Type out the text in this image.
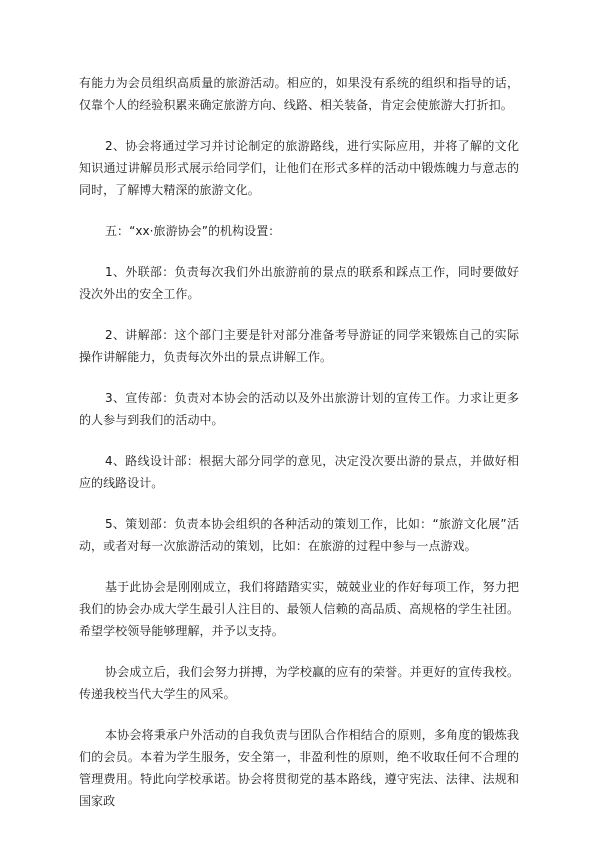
有能力为会员组织高质量的旅游活动。相应的，如果没有系统的组织和指导的话，仅靠个人的经验积累来确定旅游方向、线路、相关装备，肯定会使旅游大打折扣。

2、协会将通过学习并讨论制定的旅游路线，进行实际应用，并将了解的文化知识通过讲解员形式展示给同学们，让他们在形式多样的活动中锻炼魄力与意志的同时，了解博大精深的旅游文化。

五：“xx·旅游协会”的机构设置：

1、外联部：负责每次我们外出旅游前的景点的联系和踩点工作，同时要做好没次外出的安全工作。

2、讲解部：这个部门主要是针对部分准备考导游证的同学来锻炼自己的实际操作讲解能力，负责每次外出的景点讲解工作。

3、宣传部：负责对本协会的活动以及外出旅游计划的宣传工作。力求让更多的人参与到我们的活动中。

4、路线设计部：根据大部分同学的意见，决定没次要出游的景点，并做好相应的线路设计。

5、策划部：负责本协会组织的各种活动的策划工作，比如：“旅游文化展”活动，或者对每一次旅游活动的策划，比如：在旅游的过程中参与一点游戏。

基于此协会是刚刚成立，我们将踏踏实实，兢兢业业的作好每项工作，努力把我们的协会办成大学生最引人注目的、最领人信赖的高品质、高规格的学生社团。希望学校领导能够理解，并予以支持。

协会成立后，我们会努力拼搏，为学校赢的应有的荣誉。并更好的宣传我校。传递我校当代大学生的风采。

本协会将秉承户外活动的自我负责与团队合作相结合的原则，多角度的锻炼我们的会员。本着为学生服务，安全第一，非盈利性的原则，绝不收取任何不合理的管理费用。特此向学校承诺。协会将贯彻党的基本路线，遵守宪法、法律、法规和国家政
